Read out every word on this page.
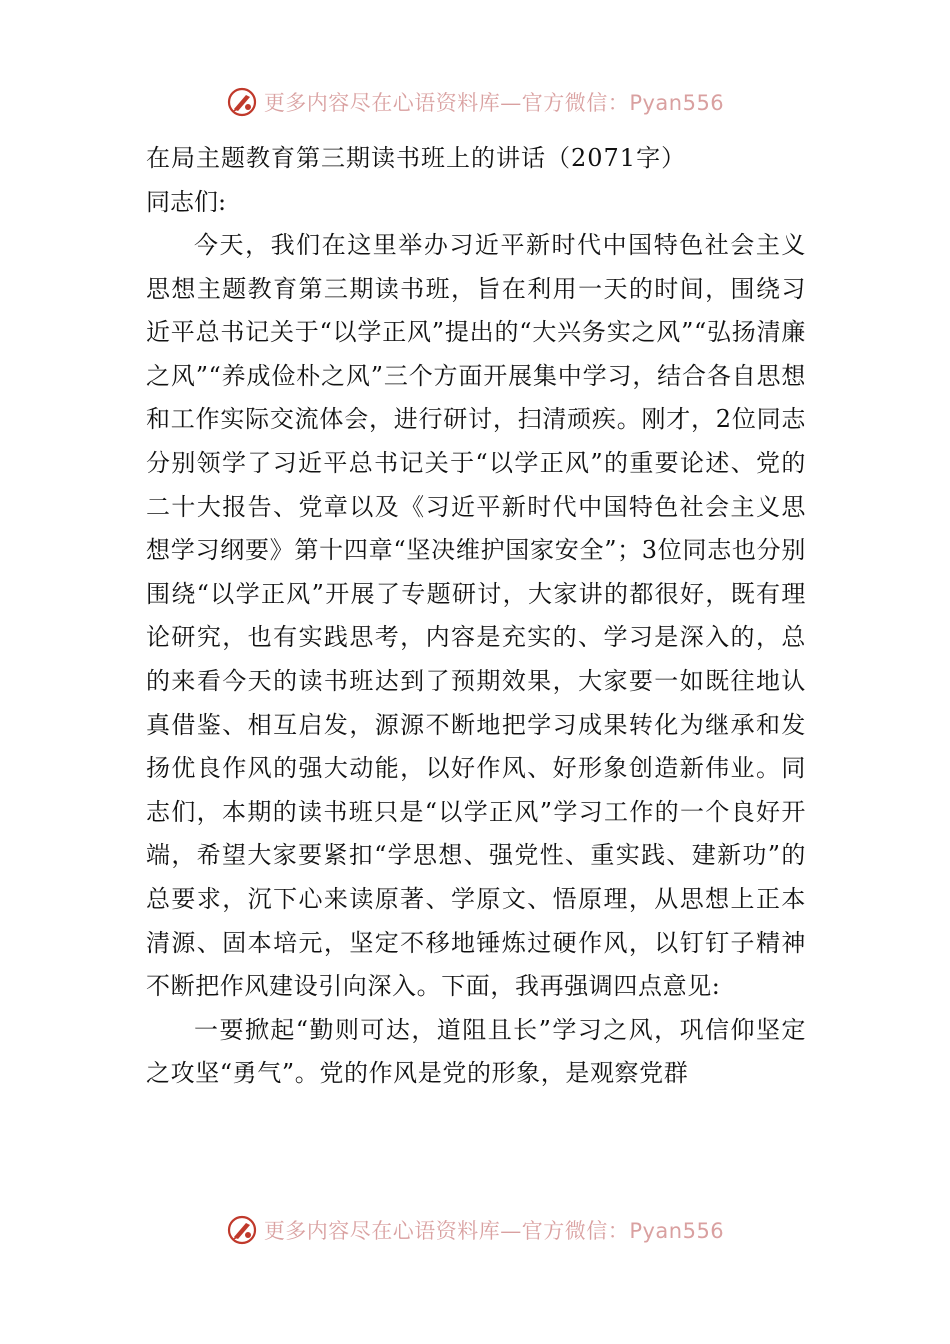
更多内容尽在心语资料库—官方微信：Pyan556
在局主题教育第三期读书班上的讲话（2071字）

同志们:

今天，我们在这里举办习近平新时代中国特色社会主义思想主题教育第三期读书班，旨在利用一天的时间，围绕习近平总书记关于“以学正风”提出的“大兴务实之风”“弘扬清廉之风”“养成俭朴之风”三个方面开展集中学习，结合各自思想和工作实际交流体会，进行研讨，扫清顽疾。刚才，2位同志分别领学了习近平总书记关于“以学正风”的重要论述、党的二十大报告、党章以及《习近平新时代中国特色社会主义思想学习纲要》第十四章“坚决维护国家安全”；3位同志也分别围绕“以学正风”开展了专题研讨，大家讲的都很好，既有理论研究，也有实践思考，内容是充实的、学习是深入的，总的来看今天的读书班达到了预期效果，大家要一如既往地认真借鉴、相互启发，源源不断地把学习成果转化为继承和发扬优良作风的强大动能，以好作风、好形象创造新伟业。同志们，本期的读书班只是“以学正风”学习工作的一个良好开端，希望大家要紧扣“学思想、强党性、重实践、建新功”的总要求，沉下心来读原著、学原文、悟原理，从思想上正本清源、固本培元，坚定不移地锤炼过硬作风，以钉钉子精神不断把作风建设引向深入。下面，我再强调四点意见:

一要掀起“勤则可达，道阻且长”学习之风，巩信仰坚定之攻坚“勇气”。党的作风是党的形象，是观察党群

更多内容尽在心语资料库—官方微信：Pyan556
